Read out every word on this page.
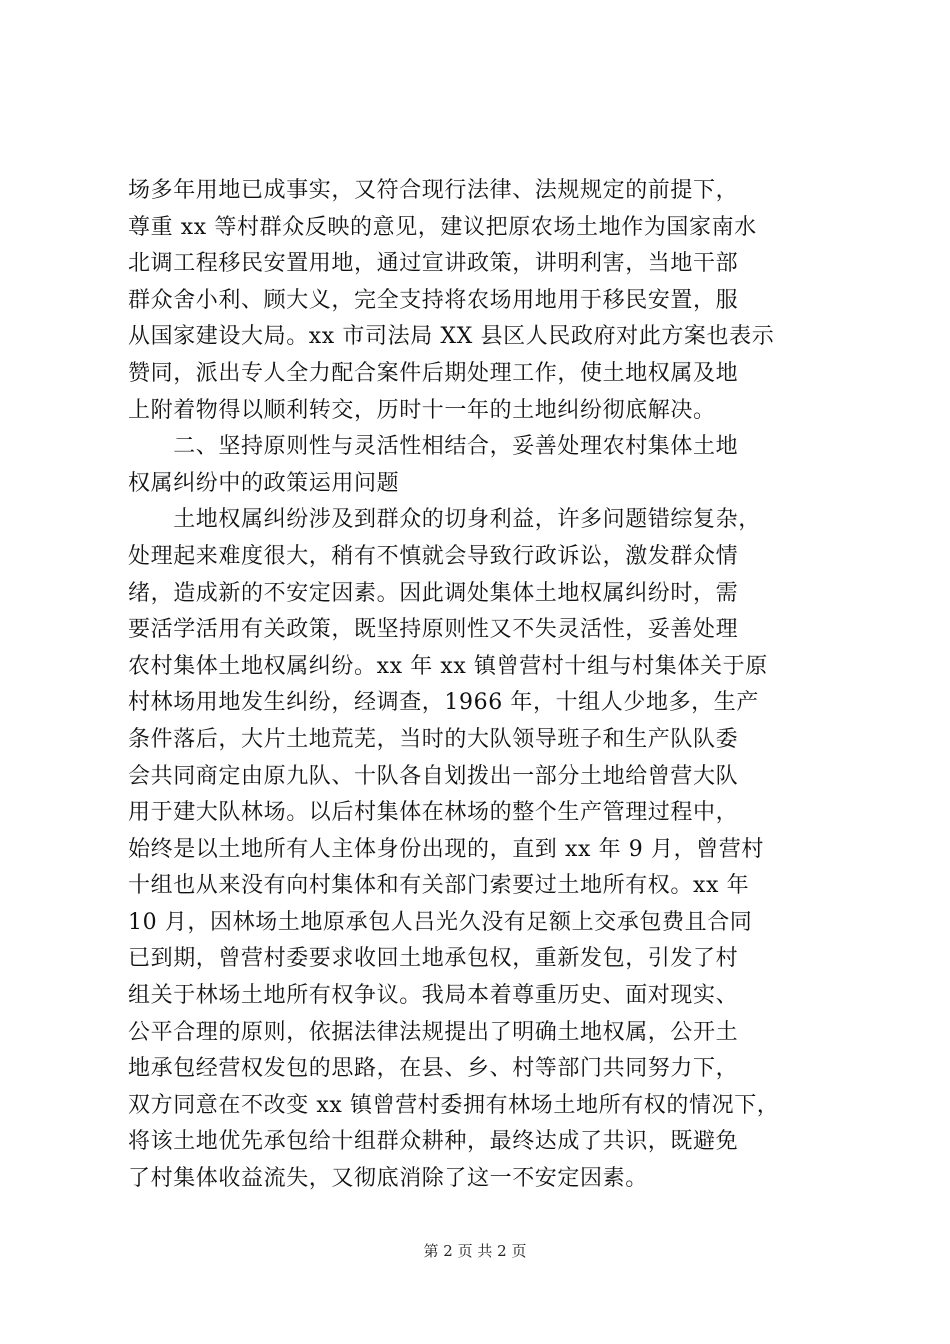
场多年用地已成事实，又符合现行法律、法规规定的前提下，
尊重 xx 等村群众反映的意见，建议把原农场土地作为国家南水
北调工程移民安置用地，通过宣讲政策，讲明利害，当地干部
群众舍小利、顾大义，完全支持将农场用地用于移民安置，服
从国家建设大局。xx 市司法局 XX 县区人民政府对此方案也表示
赞同，派出专人全力配合案件后期处理工作，使土地权属及地
上附着物得以顺利转交，历时十一年的土地纠纷彻底解决。
　　二、坚持原则性与灵活性相结合，妥善处理农村集体土地
权属纠纷中的政策运用问题
　　土地权属纠纷涉及到群众的切身利益，许多问题错综复杂，
处理起来难度很大，稍有不慎就会导致行政诉讼，激发群众情
绪，造成新的不安定因素。因此调处集体土地权属纠纷时，需
要活学活用有关政策，既坚持原则性又不失灵活性，妥善处理
农村集体土地权属纠纷。xx 年 xx 镇曾营村十组与村集体关于原
村林场用地发生纠纷，经调查，1966 年，十组人少地多，生产
条件落后，大片土地荒芜，当时的大队领导班子和生产队队委
会共同商定由原九队、十队各自划拨出一部分土地给曾营大队
用于建大队林场。以后村集体在林场的整个生产管理过程中，
始终是以土地所有人主体身份出现的，直到 xx 年 9 月，曾营村
十组也从来没有向村集体和有关部门索要过土地所有权。xx 年
10 月，因林场土地原承包人吕光久没有足额上交承包费且合同
已到期，曾营村委要求收回土地承包权，重新发包，引发了村
组关于林场土地所有权争议。我局本着尊重历史、面对现实、
公平合理的原则，依据法律法规提出了明确土地权属，公开土
地承包经营权发包的思路，在县、乡、村等部门共同努力下，
双方同意在不改变 xx 镇曾营村委拥有林场土地所有权的情况下，
将该土地优先承包给十组群众耕种，最终达成了共识，既避免
了村集体收益流失，又彻底消除了这一不安定因素。
第 2 页 共 2 页
